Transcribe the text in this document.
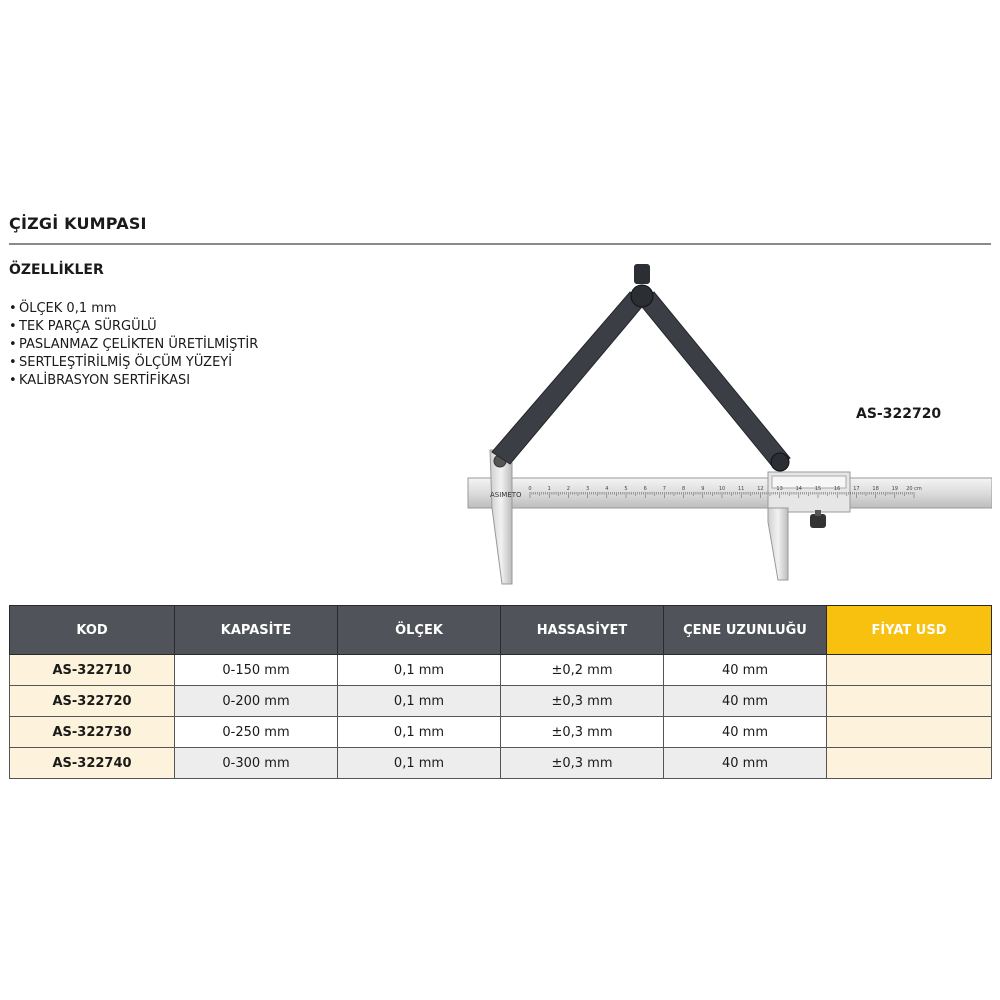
ÇİZGİ KUMPASI
ÖZELLİKLER
• ÖLÇEK 0,1 mm
• TEK PARÇA SÜRGÜLÜ
• PASLANMAZ ÇELİKTEN ÜRETİLMİŞTİR
• SERTLEŞTİRİLMİŞ ÖLÇÜM YÜZEYİ
• KALİBRASYON SERTİFİKASI
AS-322720
ASIMETO
0	1	2	3	4	5	6	7	8	9	10	11	12	13	14	15	16	17	18	19 20 cm
KOD	KAPASİTE	ÖLÇEK	HASSASİYET	ÇENE UZUNLUĞU	FİYAT USD
AS-322710	0-150 mm	0,1 mm	±0,2 mm	40 mm	
AS-322720	0-200 mm	0,1 mm	±0,3 mm	40 mm	
AS-322730	0-250 mm	0,1 mm	±0,3 mm	40 mm	
AS-322740	0-300 mm	0,1 mm	±0,3 mm	40 mm	
